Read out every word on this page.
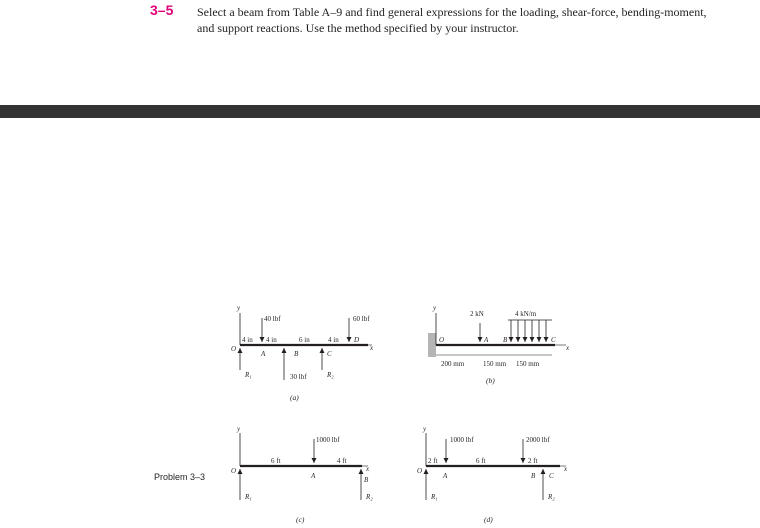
3–5 Select a beam from Table A–9 and find general expressions for the loading, shear-force, bending-moment, and support reactions. Use the method specified by your instructor.
Problem 3–3
y
40 lbf	60 lbf
4 in 4 in	6 in	4 in D
x
O
A	B	C
R₁	30 lbf	R₂
(a)
y
2 kN	4 kN/m
O	A B	C
x
200 mm	150 mm 150 mm
(b)
y
1000 lbf
6 ft	4 ft
x
O
A	B
R₁	R₂
(c)
y
1000 lbf	2000 lbf
2 ft	6 ft	2 ft
x
O
A	B C
R₁	R₂
(d)
